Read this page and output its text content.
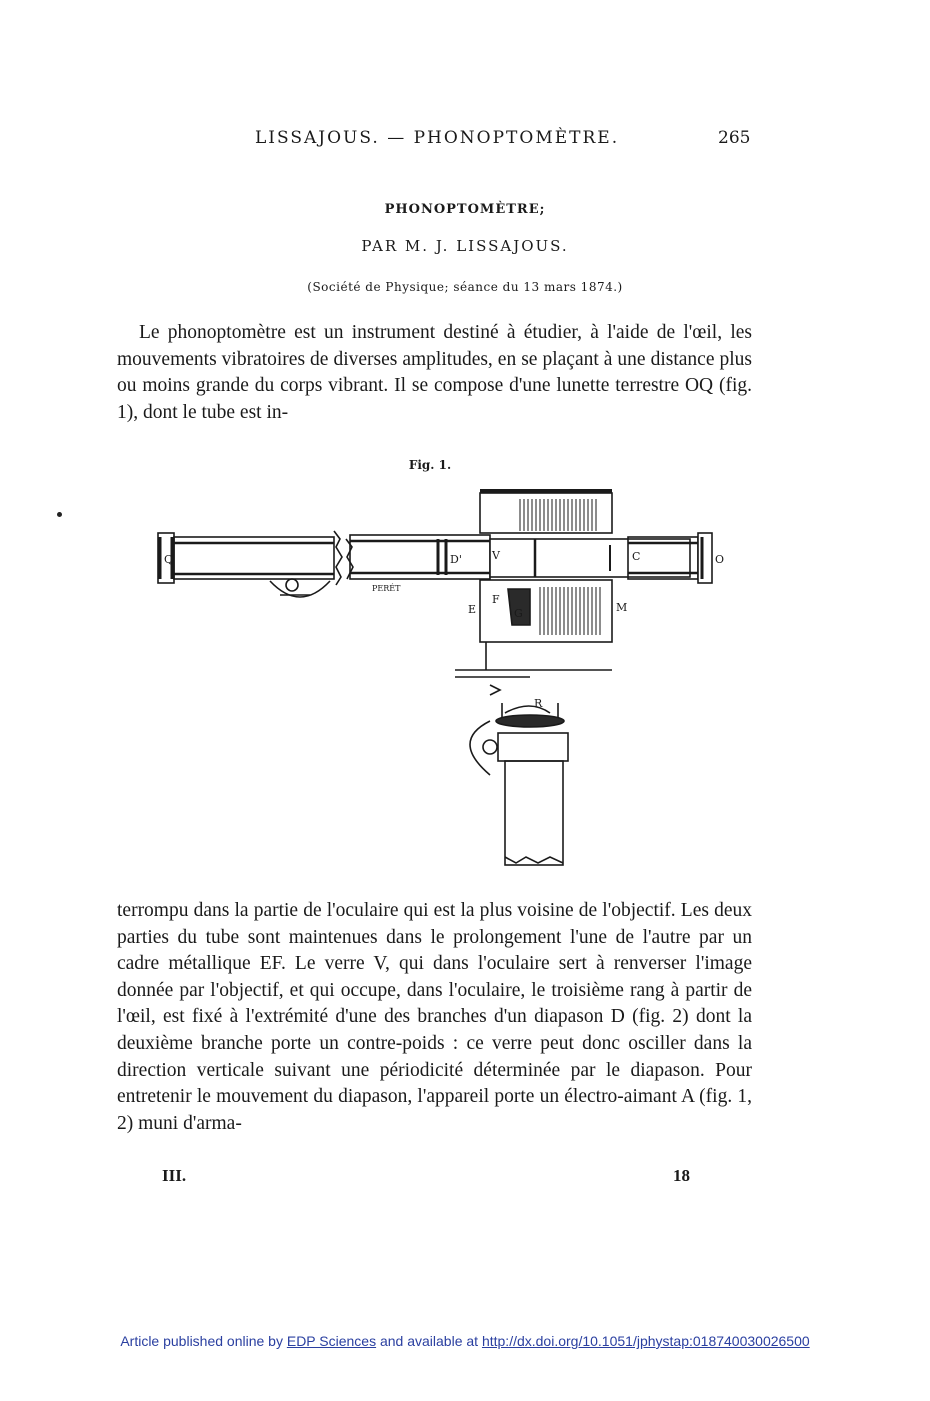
LISSAJOUS. — PHONOPTOMÈTRE.	265
PHONOPTOMÈTRE;
PAR M. J. LISSAJOUS.
(Société de Physique; séance du 13 mars 1874.)
Le phonoptomètre est un instrument destiné à étudier, à l'aide de l'œil, les mouvements vibratoires de diverses amplitudes, en se plaçant à une distance plus ou moins grande du corps vibrant. Il se compose d'une lunette terrestre OQ (fig. 1), dont le tube est in-
Fig. 1.
Q	O
D'	V	C
E
F
G	M
R
PERÉT
terrompu dans la partie de l'oculaire qui est la plus voisine de l'objectif. Les deux parties du tube sont maintenues dans le prolongement l'une de l'autre par un cadre métallique EF. Le verre V, qui dans l'oculaire sert à renverser l'image donnée par l'objectif, et qui occupe, dans l'oculaire, le troisième rang à partir de l'œil, est fixé à l'extrémité d'une des branches d'un diapason D (fig. 2) dont la deuxième branche porte un contre-poids : ce verre peut donc osciller dans la direction verticale suivant une périodicité déterminée par le diapason. Pour entretenir le mouvement du diapason, l'appareil porte un électro-aimant A (fig. 1, 2) muni d'arma-
III.	18
Article published online by EDP Sciences and available at http://dx.doi.org/10.1051/jphystap:018740030026500
